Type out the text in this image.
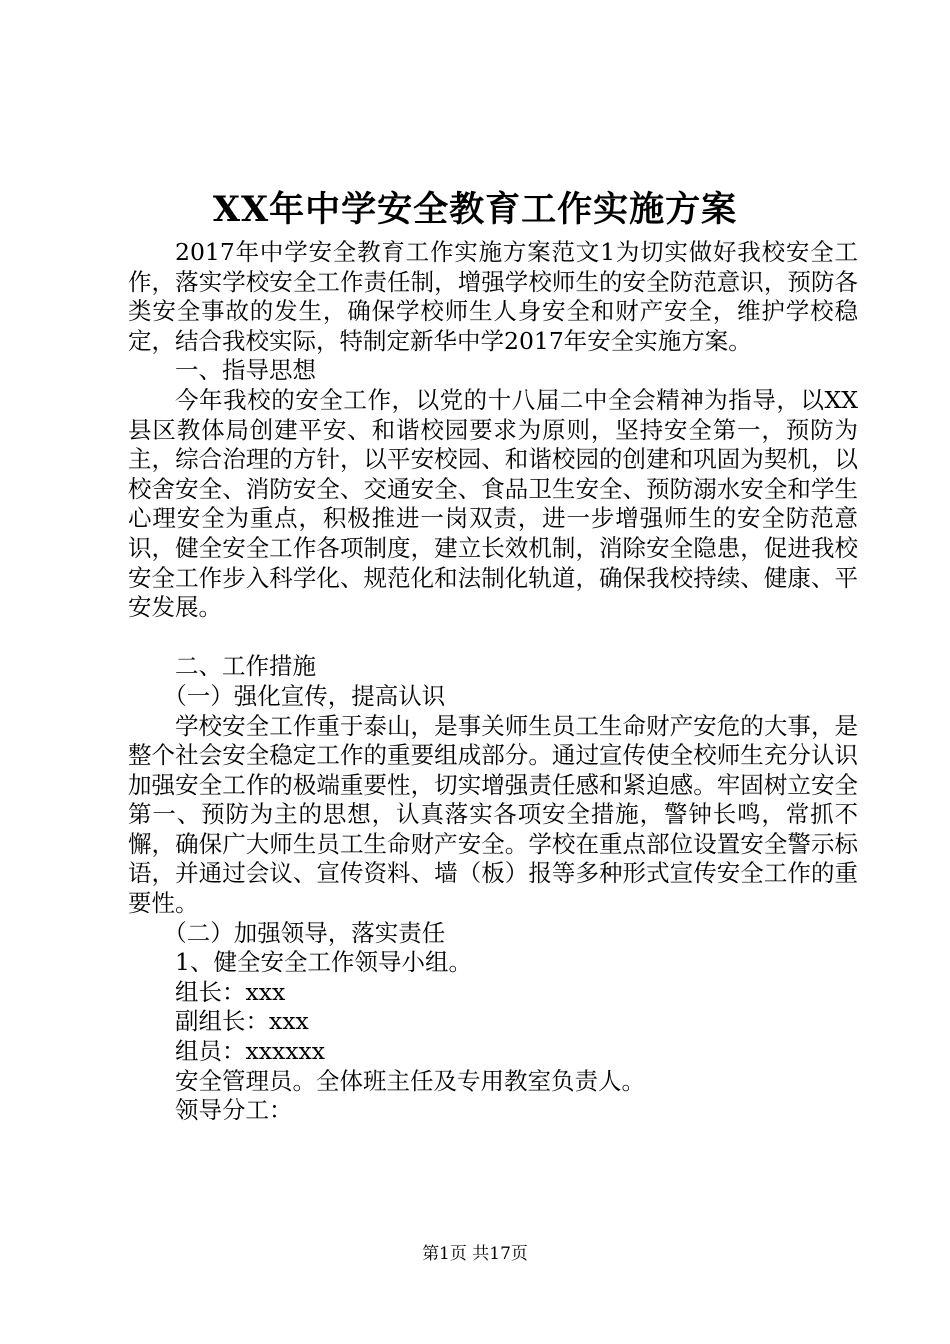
XX年中学安全教育工作实施方案

2017年中学安全教育工作实施方案范文1为切实做好我校安全工作，落实学校安全工作责任制，增强学校师生的安全防范意识，预防各类安全事故的发生，确保学校师生人身安全和财产安全，维护学校稳定，结合我校实际，特制定新华中学2017年安全实施方案。

一、指导思想

今年我校的安全工作，以党的十八届二中全会精神为指导，以XX县区教体局创建平安、和谐校园要求为原则，坚持安全第一，预防为主，综合治理的方针，以平安校园、和谐校园的创建和巩固为契机，以校舍安全、消防安全、交通安全、食品卫生安全、预防溺水安全和学生心理安全为重点，积极推进一岗双责，进一步增强师生的安全防范意识，健全安全工作各项制度，建立长效机制，消除安全隐患，促进我校安全工作步入科学化、规范化和法制化轨道，确保我校持续、健康、平安发展。

二、工作措施

（一）强化宣传，提高认识

学校安全工作重于泰山，是事关师生员工生命财产安危的大事，是整个社会安全稳定工作的重要组成部分。通过宣传使全校师生充分认识加强安全工作的极端重要性，切实增强责任感和紧迫感。牢固树立安全第一、预防为主的思想，认真落实各项安全措施，警钟长鸣，常抓不懈，确保广大师生员工生命财产安全。学校在重点部位设置安全警示标语，并通过会议、宣传资料、墙（板）报等多种形式宣传安全工作的重要性。

（二）加强领导，落实责任

1、健全安全工作领导小组。

组长：xxx

副组长：xxx

组员：xxxxxx

安全管理员。全体班主任及专用教室负责人。

领导分工：

第1页 共17页
